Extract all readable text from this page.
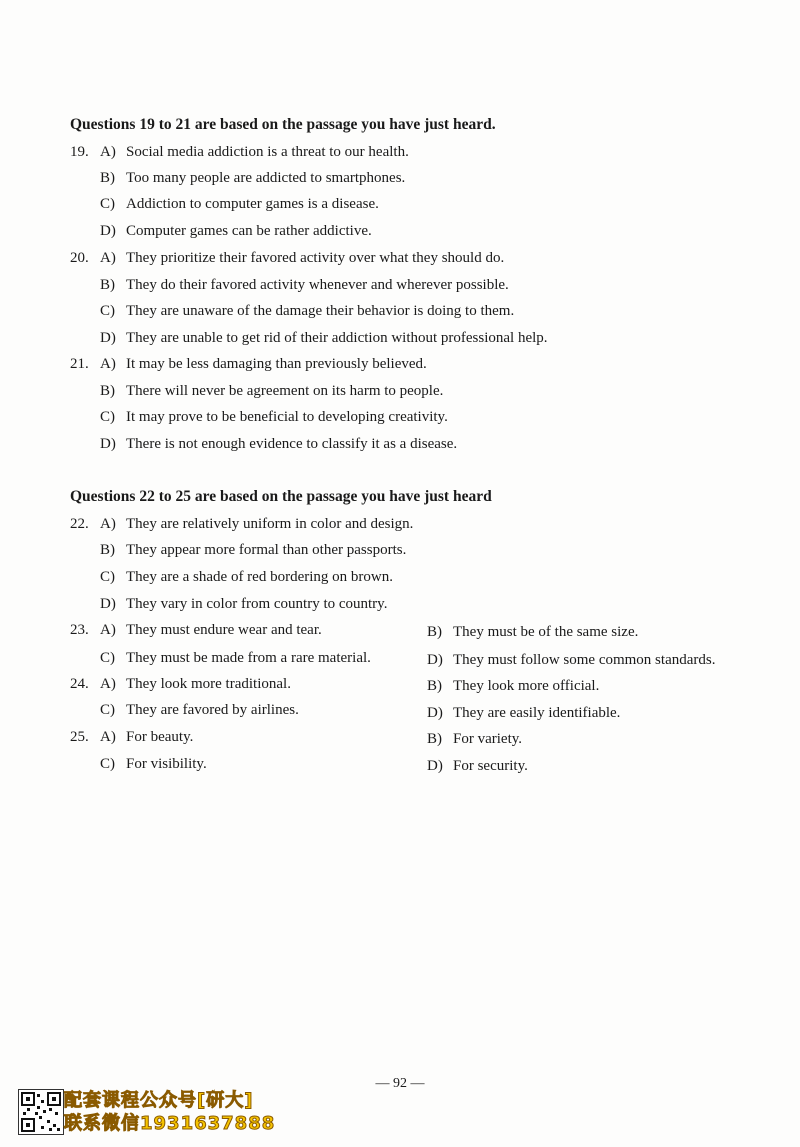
Questions 19 to 21 are based on the passage you have just heard.
19. A) Social media addiction is a threat to our health.
B) Too many people are addicted to smartphones.
C) Addiction to computer games is a disease.
D) Computer games can be rather addictive.
20. A) They prioritize their favored activity over what they should do.
B) They do their favored activity whenever and wherever possible.
C) They are unaware of the damage their behavior is doing to them.
D) They are unable to get rid of their addiction without professional help.
21. A) It may be less damaging than previously believed.
B) There will never be agreement on its harm to people.
C) It may prove to be beneficial to developing creativity.
D) There is not enough evidence to classify it as a disease.
Questions 22 to 25 are based on the passage you have just heard
22. A) They are relatively uniform in color and design.
B) They appear more formal than other passports.
C) They are a shade of red bordering on brown.
D) They vary in color from country to country.
23. A) They must endure wear and tear.	B) They must be of the same size.
C) They must be made from a rare material.	D) They must follow some common standards.
24. A) They look more traditional.	B) They look more official.
C) They are favored by airlines.	D) They are easily identifiable.
25. A) For beauty.	B) For variety.
C) For visibility.	D) For security.
— 92 —
配套课程公众号[研大]
联系微信1931637888
